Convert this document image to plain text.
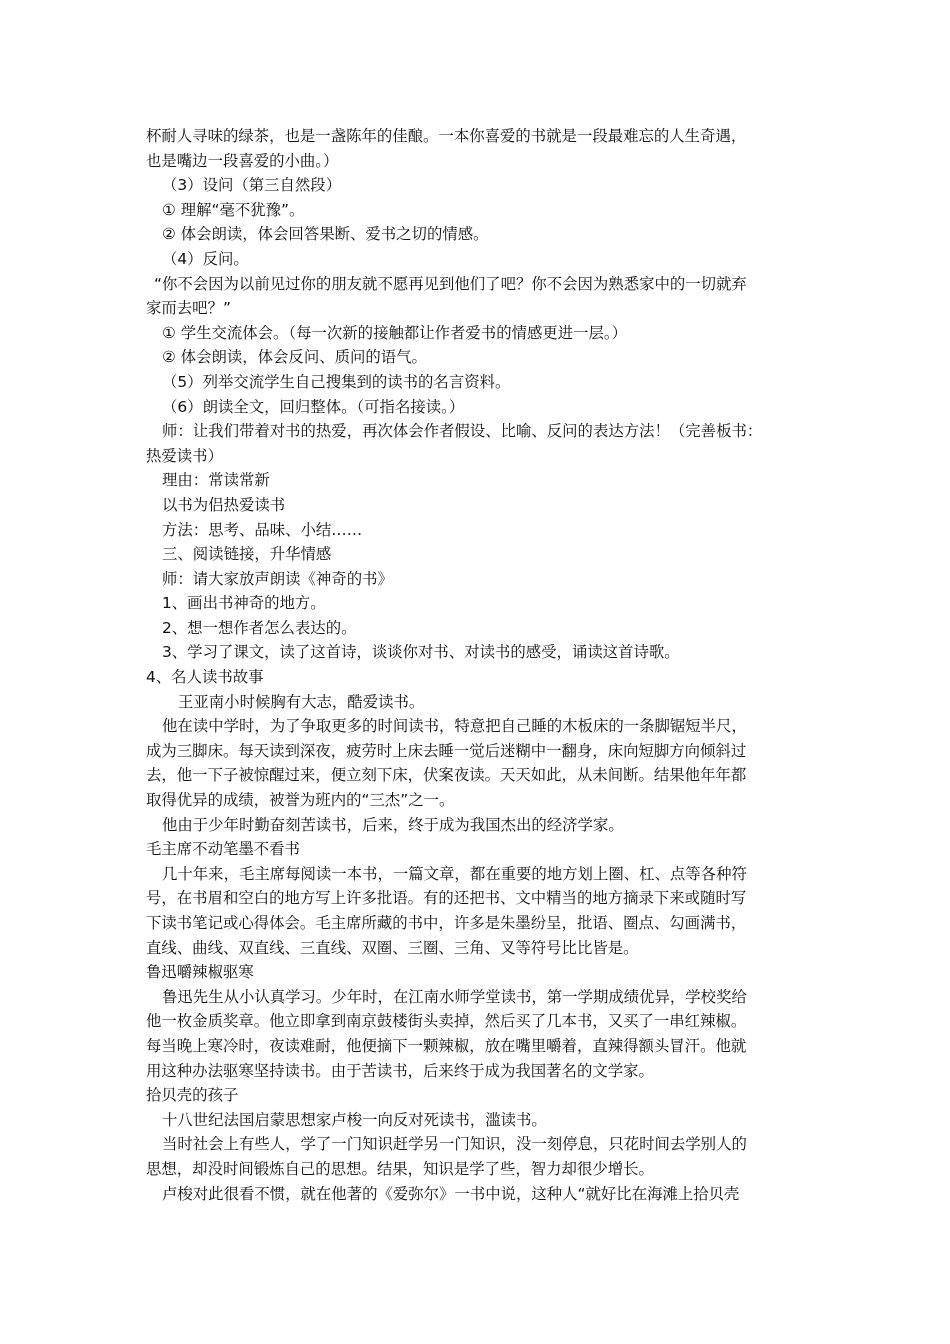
杯耐人寻味的绿茶，也是一盏陈年的佳酿。一本你喜爱的书就是一段最难忘的人生奇遇，
也是嘴边一段喜爱的小曲。）
（3）设问（第三自然段）
① 理解“毫不犹豫”。
② 体会朗读，体会回答果断、爱书之切的情感。
（4）反问。
“你不会因为以前见过你的朋友就不愿再见到他们了吧？你不会因为熟悉家中的一切就弃
家而去吧？”
① 学生交流体会。（每一次新的接触都让作者爱书的情感更进一层。）
② 体会朗读，体会反问、质问的语气。
（5）列举交流学生自己搜集到的读书的名言资料。
（6）朗读全文，回归整体。（可指名接读。）
师：让我们带着对书的热爱，再次体会作者假设、比喻、反问的表达方法！（完善板书：
热爱读书）
理由：常读常新
以书为侣热爱读书
方法：思考、品味、小结……
三、阅读链接，升华情感
师：请大家放声朗读《神奇的书》
1、画出书神奇的地方。
2、想一想作者怎么表达的。
3、学习了课文，读了这首诗，谈谈你对书、对读书的感受，诵读这首诗歌。
4、名人读书故事
王亚南小时候胸有大志，酷爱读书。
他在读中学时，为了争取更多的时间读书，特意把自己睡的木板床的一条脚锯短半尺，
成为三脚床。每天读到深夜，疲劳时上床去睡一觉后迷糊中一翻身，床向短脚方向倾斜过
去，他一下子被惊醒过来，便立刻下床，伏案夜读。天天如此，从未间断。结果他年年都
取得优异的成绩，被誉为班内的“三杰”之一。
他由于少年时勤奋刻苦读书，后来，终于成为我国杰出的经济学家。
毛主席不动笔墨不看书
几十年来，毛主席每阅读一本书，一篇文章，都在重要的地方划上圈、杠、点等各种符
号，在书眉和空白的地方写上许多批语。有的还把书、文中精当的地方摘录下来或随时写
下读书笔记或心得体会。毛主席所藏的书中，许多是朱墨纷呈，批语、圈点、勾画满书，
直线、曲线、双直线、三直线、双圈、三圈、三角、叉等符号比比皆是。
鲁迅嚼辣椒驱寒
鲁迅先生从小认真学习。少年时，在江南水师学堂读书，第一学期成绩优异，学校奖给
他一枚金质奖章。他立即拿到南京鼓楼街头卖掉，然后买了几本书，又买了一串红辣椒。
每当晚上寒冷时，夜读难耐，他便摘下一颗辣椒，放在嘴里嚼着，直辣得额头冒汗。他就
用这种办法驱寒坚持读书。由于苦读书，后来终于成为我国著名的文学家。
拾贝壳的孩子
十八世纪法国启蒙思想家卢梭一向反对死读书，滥读书。
当时社会上有些人，学了一门知识赶学另一门知识，没一刻停息，只花时间去学别人的
思想，却没时间锻炼自己的思想。结果，知识是学了些，智力却很少增长。
卢梭对此很看不惯，就在他著的《爱弥尔》一书中说，这种人“就好比在海滩上拾贝壳
